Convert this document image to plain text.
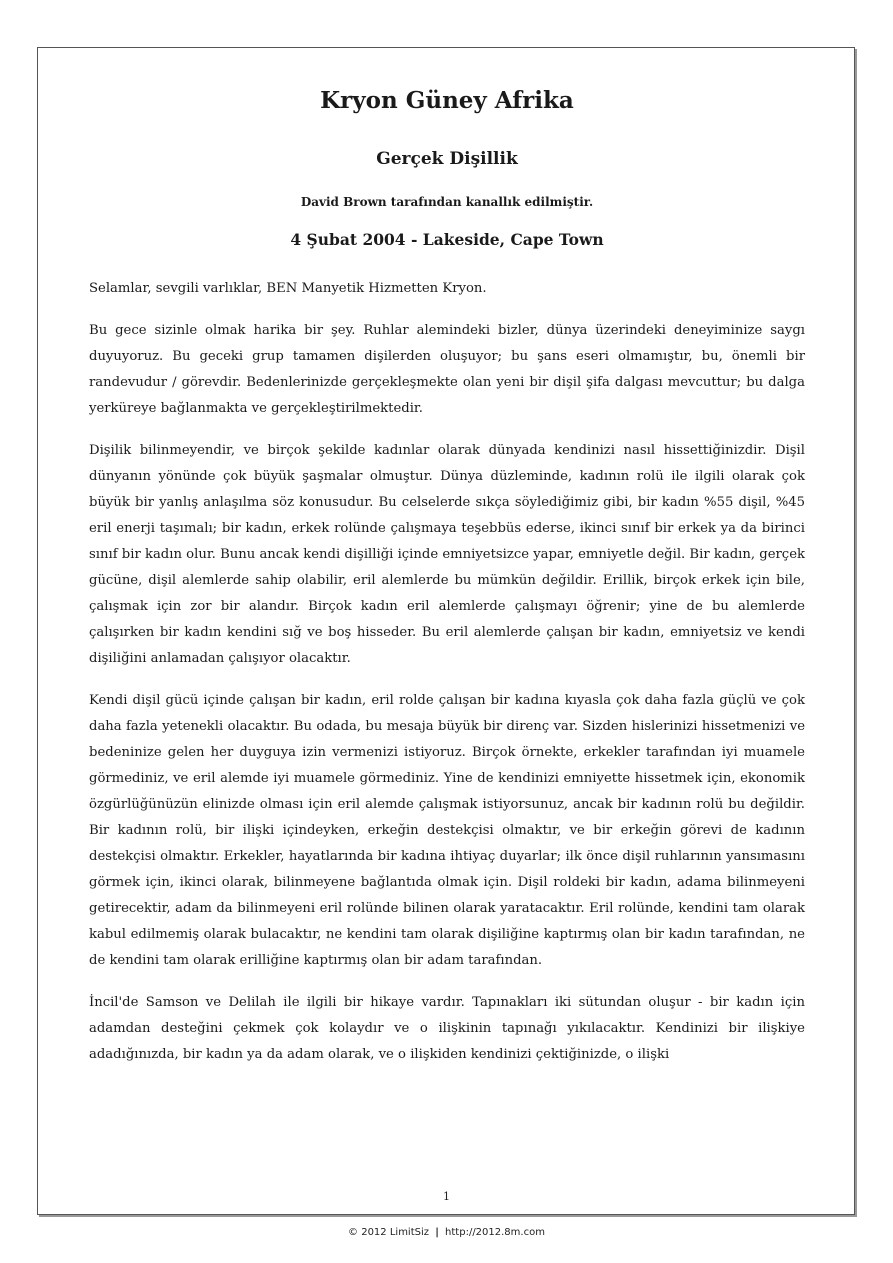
Kryon Güney Afrika
Gerçek Dişillik
David Brown tarafından kanallık edilmiştir.
4 Şubat 2004 - Lakeside, Cape Town

Selamlar, sevgili varlıklar, BEN Manyetik Hizmetten Kryon.

Bu gece sizinle olmak harika bir şey. Ruhlar alemindeki bizler, dünya üzerindeki deneyiminize saygı duyuyoruz. Bu geceki grup tamamen dişilerden oluşuyor; bu şans eseri olmamıştır, bu, önemli bir randevudur / görevdir. Bedenlerinizde gerçekleşmekte olan yeni bir dişil şifa dalgası mevcuttur; bu dalga yerküreye bağlanmakta ve gerçekleştirilmektedir.

Dişilik bilinmeyendir, ve birçok şekilde kadınlar olarak dünyada kendinizi nasıl hissettiğinizdir. Dişil dünyanın yönünde çok büyük şaşmalar olmuştur. Dünya düzleminde, kadının rolü ile ilgili olarak çok büyük bir yanlış anlaşılma söz konusudur. Bu celselerde sıkça söylediğimiz gibi, bir kadın %55 dişil, %45 eril enerji taşımalı; bir kadın, erkek rolünde çalışmaya teşebbüs ederse, ikinci sınıf bir erkek ya da birinci sınıf bir kadın olur. Bunu ancak kendi dişilliği içinde emniyetsizce yapar, emniyetle değil. Bir kadın, gerçek gücüne, dişil alemlerde sahip olabilir, eril alemlerde bu mümkün değildir. Erillik, birçok erkek için bile, çalışmak için zor bir alandır. Birçok kadın eril alemlerde çalışmayı öğrenir; yine de bu alemlerde çalışırken bir kadın kendini sığ ve boş hisseder. Bu eril alemlerde çalışan bir kadın, emniyetsiz ve kendi dişiliğini anlamadan çalışıyor olacaktır.

Kendi dişil gücü içinde çalışan bir kadın, eril rolde çalışan bir kadına kıyasla çok daha fazla güçlü ve çok daha fazla yetenekli olacaktır. Bu odada, bu mesaja büyük bir direnç var. Sizden hislerinizi hissetmenizi ve bedeninize gelen her duyguya izin vermenizi istiyoruz. Birçok örnekte, erkekler tarafından iyi muamele görmediniz, ve eril alemde iyi muamele görmediniz. Yine de kendinizi emniyette hissetmek için, ekonomik özgürlüğünüzün elinizde olması için eril alemde çalışmak istiyorsunuz, ancak bir kadının rolü bu değildir. Bir kadının rolü, bir ilişki içindeyken, erkeğin destekçisi olmaktır, ve bir erkeğin görevi de kadının destekçisi olmaktır. Erkekler, hayatlarında bir kadına ihtiyaç duyarlar; ilk önce dişil ruhlarının yansımasını görmek için, ikinci olarak, bilinmeyene bağlantıda olmak için. Dişil roldeki bir kadın, adama bilinmeyeni getirecektir, adam da bilinmeyeni eril rolünde bilinen olarak yaratacaktır. Eril rolünde, kendini tam olarak kabul edilmemiş olarak bulacaktır, ne kendini tam olarak dişiliğine kaptırmış olan bir kadın tarafından, ne de kendini tam olarak erilliğine kaptırmış olan bir adam tarafından.

İncil'de Samson ve Delilah ile ilgili bir hikaye vardır. Tapınakları iki sütundan oluşur - bir kadın için adamdan desteğini çekmek çok kolaydır ve o ilişkinin tapınağı yıkılacaktır. Kendinizi bir ilişkiye adadığınızda, bir kadın ya da adam olarak, ve o ilişkiden kendinizi çektiğinizde, o ilişki

1
© 2012 LimitSiz | http://2012.8m.com
